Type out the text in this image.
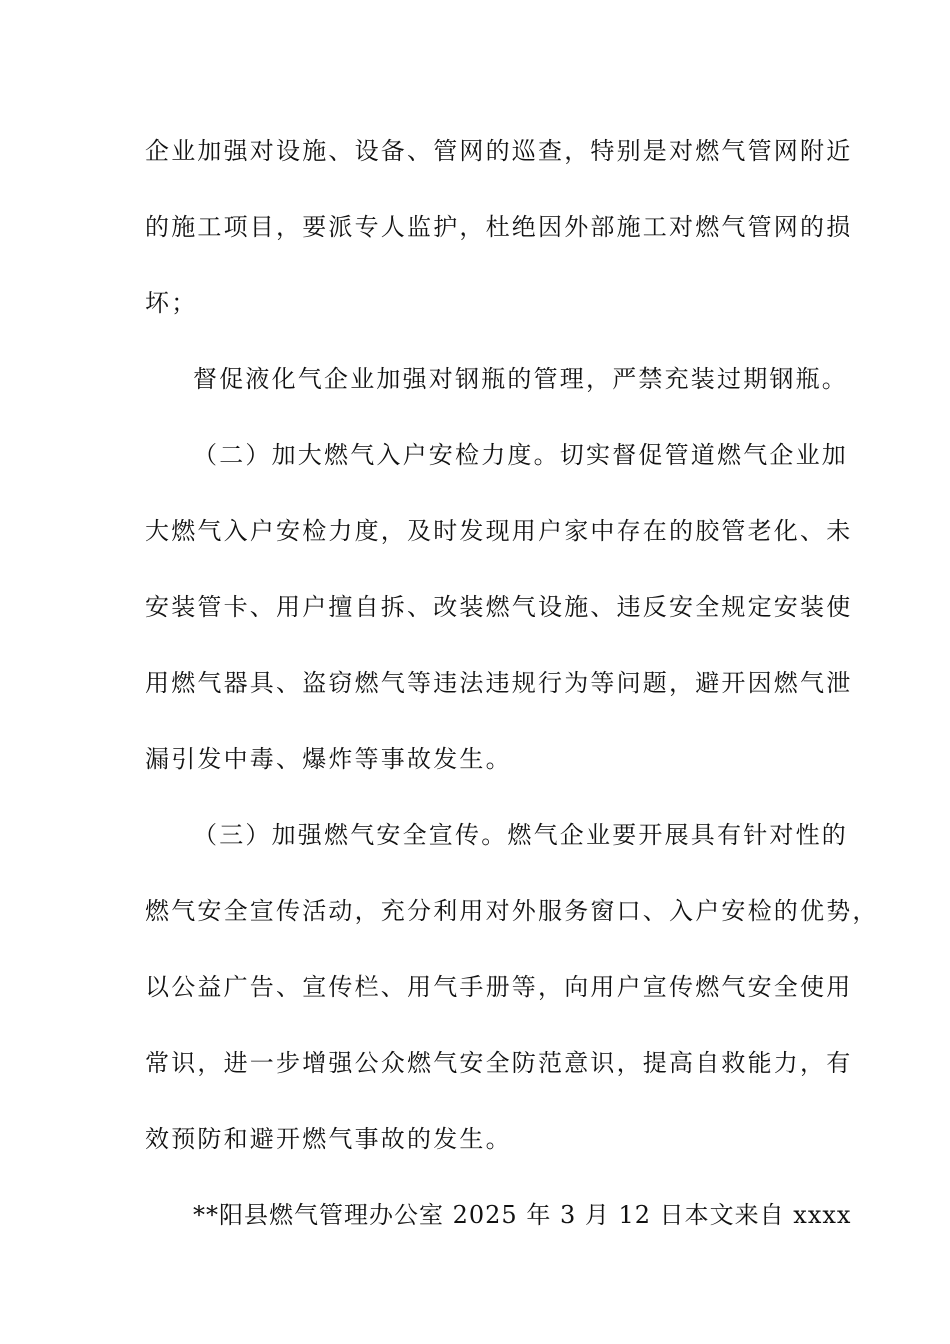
企业加强对设施、设备、管网的巡查，特别是对燃气管网附近
的施工项目，要派专人监护，杜绝因外部施工对燃气管网的损
坏；
督促液化气企业加强对钢瓶的管理，严禁充装过期钢瓶。
（二）加大燃气入户安检力度。切实督促管道燃气企业加
大燃气入户安检力度，及时发现用户家中存在的胶管老化、未
安装管卡、用户擅自拆、改装燃气设施、违反安全规定安装使
用燃气器具、盗窃燃气等违法违规行为等问题，避开因燃气泄
漏引发中毒、爆炸等事故发生。
（三）加强燃气安全宣传。燃气企业要开展具有针对性的
燃气安全宣传活动，充分利用对外服务窗口、入户安检的优势，
以公益广告、宣传栏、用气手册等，向用户宣传燃气安全使用
常识，进一步增强公众燃气安全防范意识，提高自救能力，有
效预防和避开燃气事故的发生。
**阳县燃气管理办公室 2025 年 3 月 12 日本文来自 xxxx
